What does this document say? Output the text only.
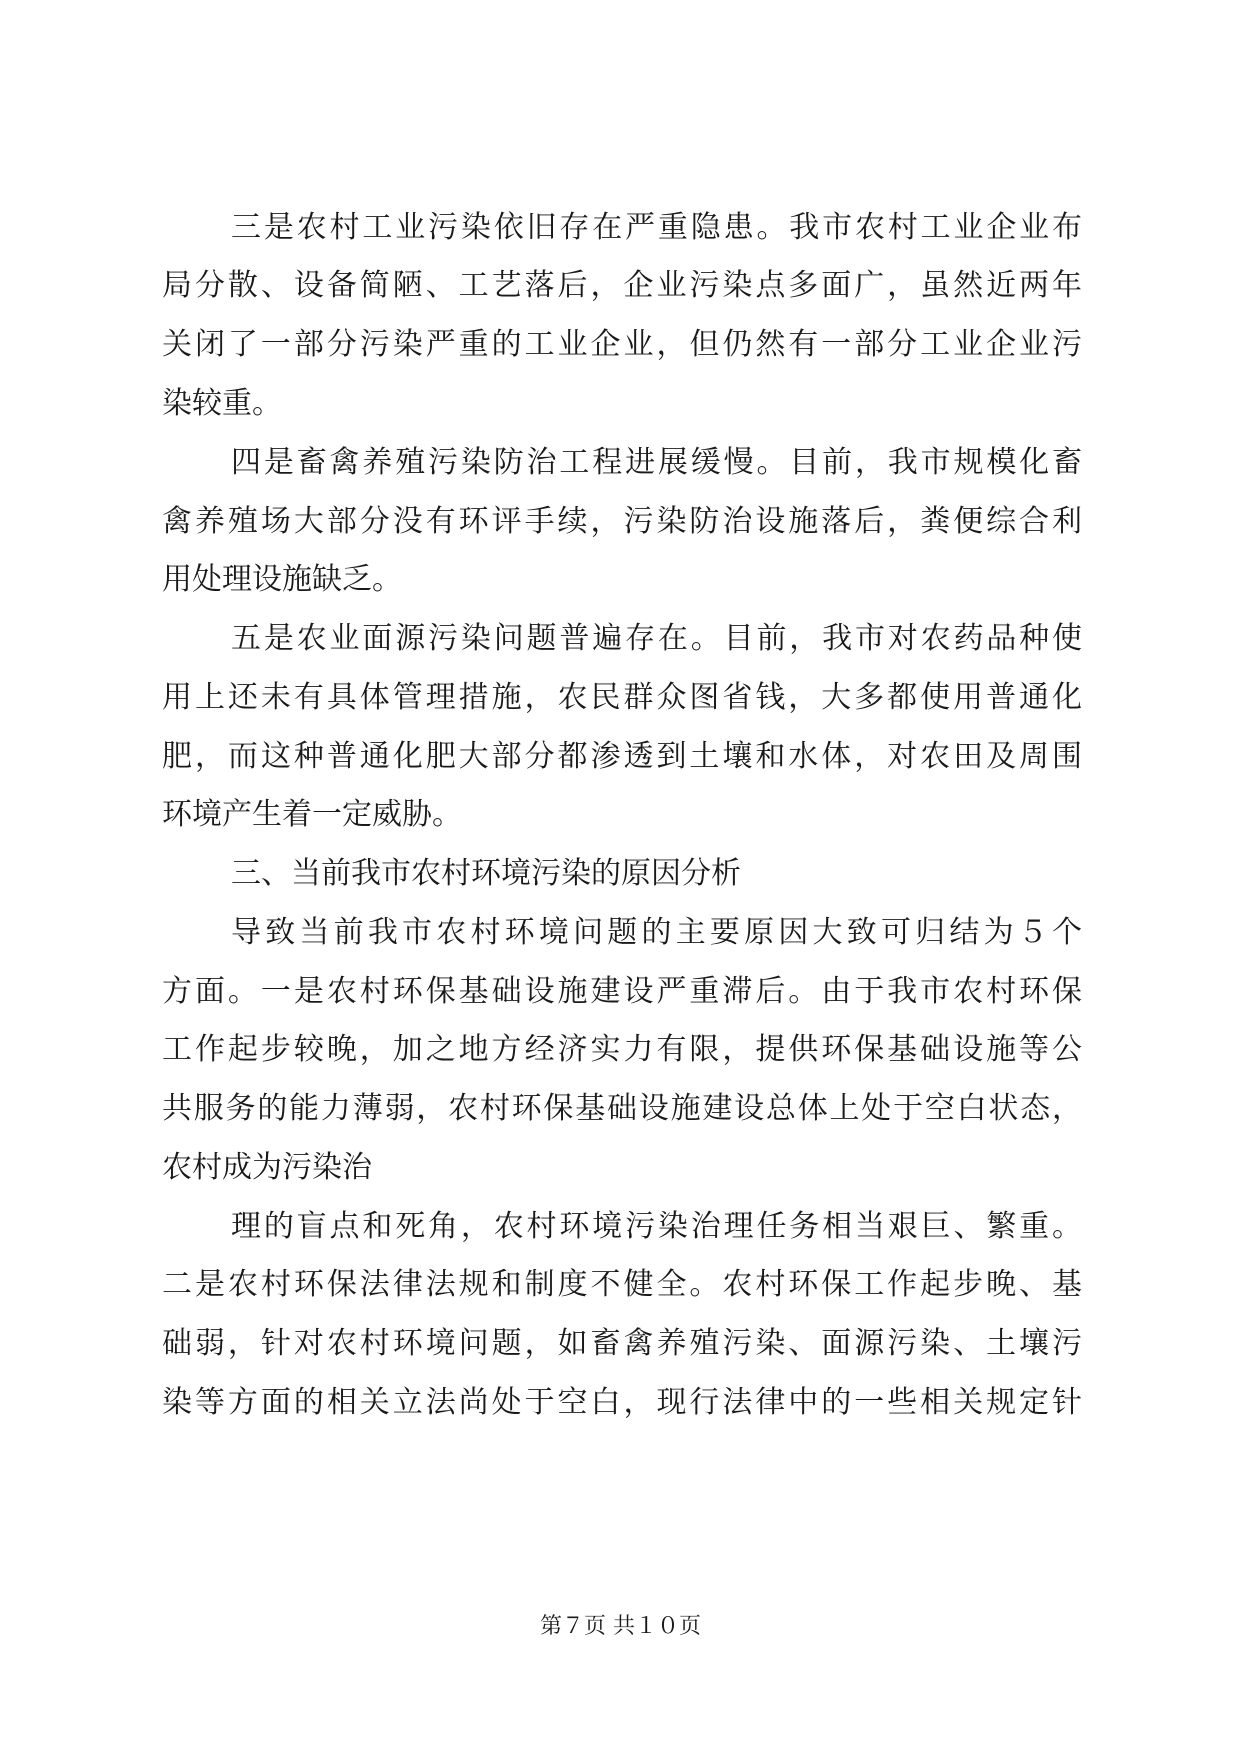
三是农村工业污染依旧存在严重隐患。我市农村工业企业布
局分散、设备简陋、工艺落后，企业污染点多面广，虽然近两年
关闭了一部分污染严重的工业企业，但仍然有一部分工业企业污
染较重。
四是畜禽养殖污染防治工程进展缓慢。目前，我市规模化畜
禽养殖场大部分没有环评手续，污染防治设施落后，粪便综合利
用处理设施缺乏。
五是农业面源污染问题普遍存在。目前，我市对农药品种使
用上还未有具体管理措施，农民群众图省钱，大多都使用普通化
肥，而这种普通化肥大部分都渗透到土壤和水体，对农田及周围
环境产生着一定威胁。
三、当前我市农村环境污染的原因分析
导致当前我市农村环境问题的主要原因大致可归结为５个
方面。一是农村环保基础设施建设严重滞后。由于我市农村环保
工作起步较晚，加之地方经济实力有限，提供环保基础设施等公
共服务的能力薄弱，农村环保基础设施建设总体上处于空白状态，
农村成为污染治
理的盲点和死角，农村环境污染治理任务相当艰巨、繁重。
二是农村环保法律法规和制度不健全。农村环保工作起步晚、基
础弱，针对农村环境问题，如畜禽养殖污染、面源污染、土壤污
染等方面的相关立法尚处于空白，现行法律中的一些相关规定针
第７页 共１０页
